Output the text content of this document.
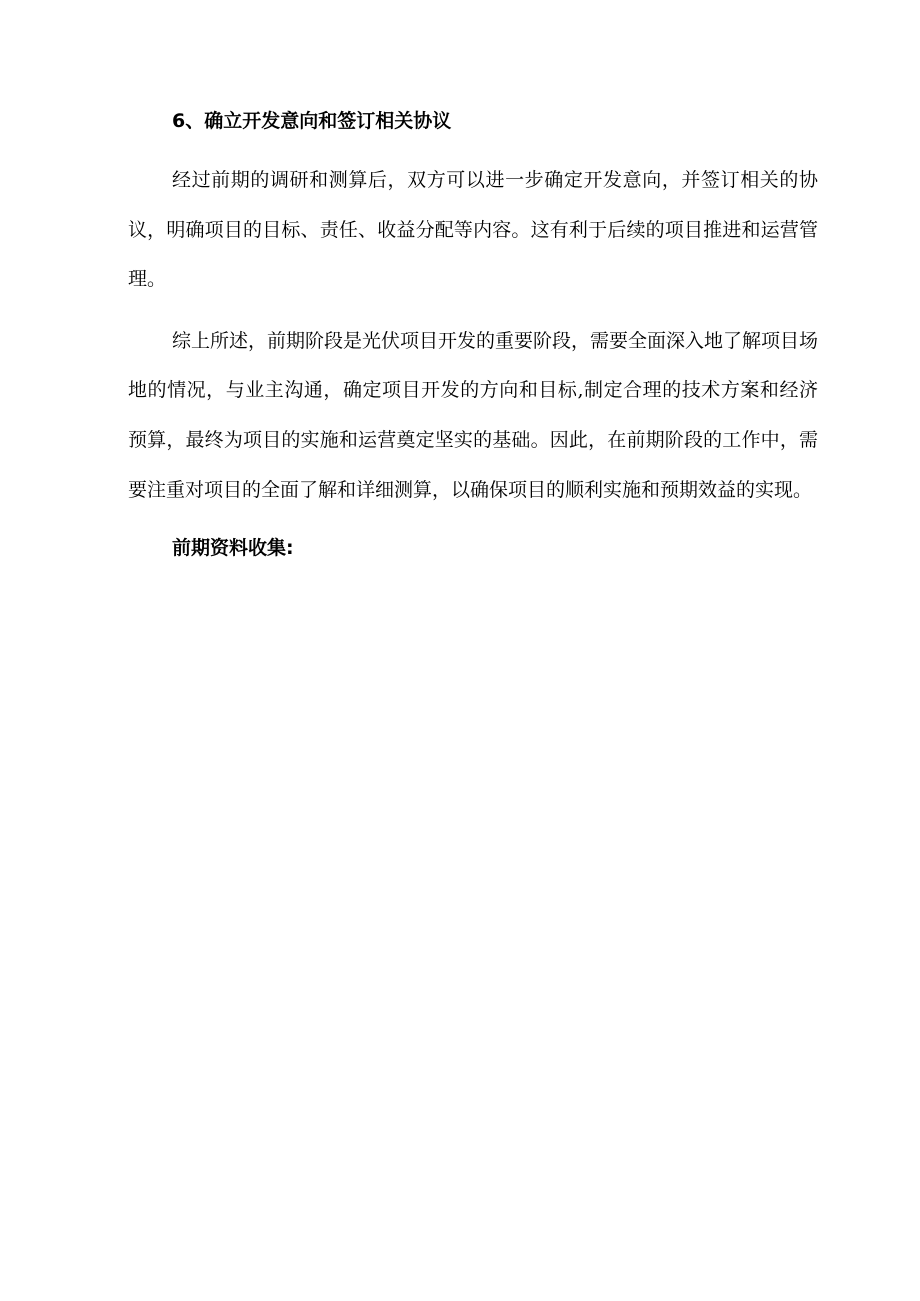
6、确立开发意向和签订相关协议

经过前期的调研和测算后，双方可以进一步确定开发意向，并签订相关的协议，明确项目的目标、责任、收益分配等内容。这有利于后续的项目推进和运营管理。

综上所述，前期阶段是光伏项目开发的重要阶段，需要全面深入地了解项目场地的情况，与业主沟通，确定项目开发的方向和目标,制定合理的技术方案和经济预算，最终为项目的实施和运营奠定坚实的基础。因此，在前期阶段的工作中，需要注重对项目的全面了解和详细测算，以确保项目的顺利实施和预期效益的实现。

前期资料收集:
